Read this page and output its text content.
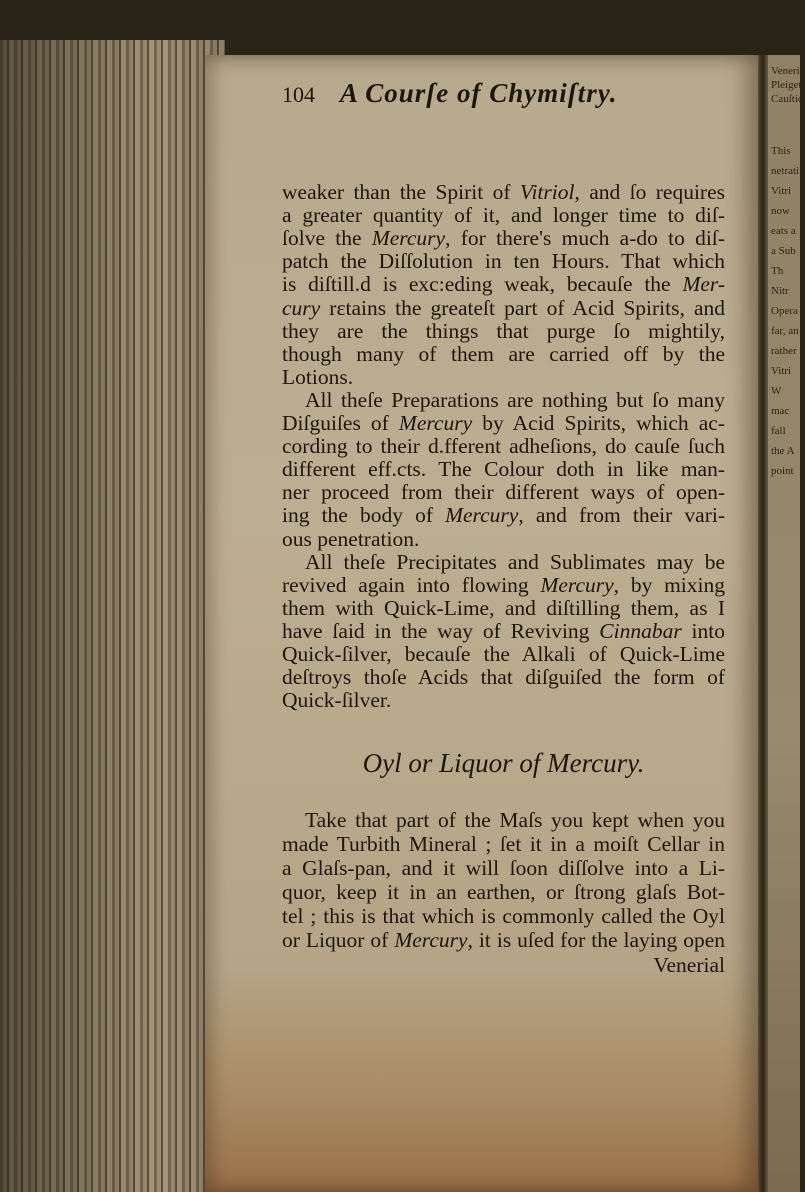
Veneria
Pleiget
Cauſtic
This
netrati
Vitri
now
eats a
a Sub
Th
Nitr
Opera
far, an
rather
Vitri
W
mac
fall
the A
point
104 A Courſe of Chymiſtry.
weaker than the Spirit of Vitriol, and ſo requires
a greater quantity of it, and longer time to diſ-
ſolve the Mercury, for there's much a-do to diſ-
patch the Diſſolution in ten Hours. That which
is diſtill.d is exc:eding weak, becauſe the Mer-
cury rεtains the greateſt part of Acid Spirits, and
they are the things that purge ſo mightily,
though many of them are carried off by the
Lotions.
All theſe Preparations are nothing but ſo many
Diſguiſes of Mercury by Acid Spirits, which ac-
cording to their d.fferent adheſions, do cauſe ſuch
different eff.cts. The Colour doth in like man-
ner proceed from their different ways of open-
ing the body of Mercury, and from their vari-
ous penetration.
All theſe Precipitates and Sublimates may be
revived again into flowing Mercury, by mixing
them with Quick-Lime, and diſtilling them, as I
have ſaid in the way of Reviving Cinnabar into
Quick-ſilver, becauſe the Alkali of Quick-Lime
deſtroys thoſe Acids that diſguiſed the form of
Quick-ſilver.
Oyl or Liquor of Mercury.
Take that part of the Maſs you kept when you
made Turbith Mineral ; ſet it in a moiſt Cellar in
a Glaſs-pan, and it will ſoon diſſolve into a Li-
quor, keep it in an earthen, or ſtrong glaſs Bot-
tel ; this is that which is commonly called the Oyl
or Liquor of Mercury, it is uſed for the laying open
Venerial
